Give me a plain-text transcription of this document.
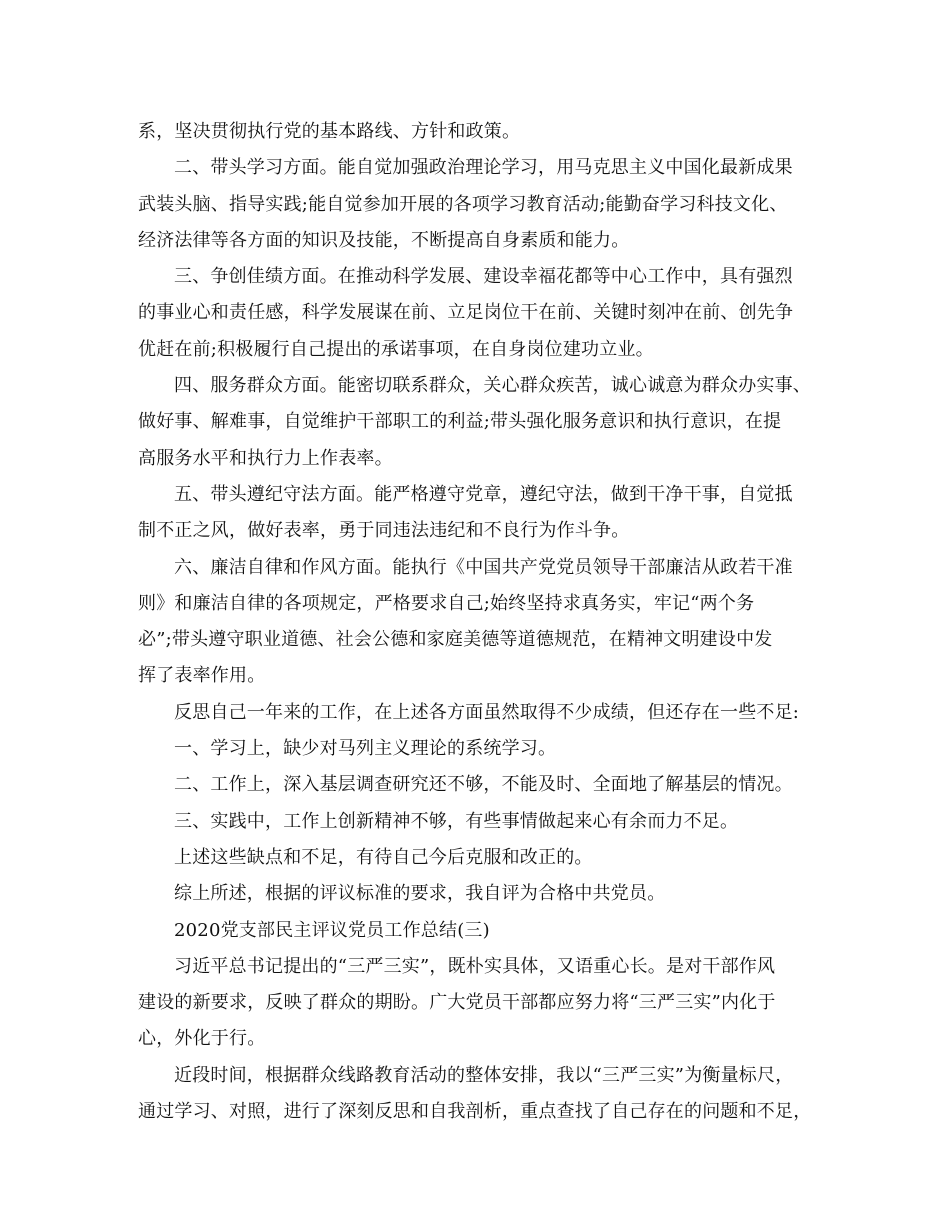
系，坚决贯彻执行党的基本路线、方针和政策。

二、带头学习方面。能自觉加强政治理论学习，用马克思主义中国化最新成果

武装头脑、指导实践;能自觉参加开展的各项学习教育活动;能勤奋学习科技文化、

经济法律等各方面的知识及技能，不断提高自身素质和能力。

三、争创佳绩方面。在推动科学发展、建设幸福花都等中心工作中，具有强烈

的事业心和责任感，科学发展谋在前、立足岗位干在前、关键时刻冲在前、创先争

优赶在前;积极履行自己提出的承诺事项，在自身岗位建功立业。

四、服务群众方面。能密切联系群众，关心群众疾苦，诚心诚意为群众办实事、

做好事、解难事，自觉维护干部职工的利益;带头强化服务意识和执行意识，在提

高服务水平和执行力上作表率。

五、带头遵纪守法方面。能严格遵守党章，遵纪守法，做到干净干事，自觉抵

制不正之风，做好表率，勇于同违法违纪和不良行为作斗争。

六、廉洁自律和作风方面。能执行《中国共产党党员领导干部廉洁从政若干准

则》和廉洁自律的各项规定，严格要求自己;始终坚持求真务实，牢记“两个务

必”;带头遵守职业道德、社会公德和家庭美德等道德规范，在精神文明建设中发

挥了表率作用。

反思自己一年来的工作，在上述各方面虽然取得不少成绩，但还存在一些不足:

一、学习上，缺少对马列主义理论的系统学习。

二、工作上，深入基层调查研究还不够，不能及时、全面地了解基层的情况。

三、实践中，工作上创新精神不够，有些事情做起来心有余而力不足。

上述这些缺点和不足，有待自己今后克服和改正的。

综上所述，根据的评议标准的要求，我自评为合格中共党员。

2020党支部民主评议党员工作总结(三)

习近平总书记提出的“三严三实”，既朴实具体，又语重心长。是对干部作风

建设的新要求，反映了群众的期盼。广大党员干部都应努力将“三严三实”内化于

心，外化于行。

近段时间，根据群众线路教育活动的整体安排，我以“三严三实”为衡量标尺，

通过学习、对照，进行了深刻反思和自我剖析，重点查找了自己存在的问题和不足，
